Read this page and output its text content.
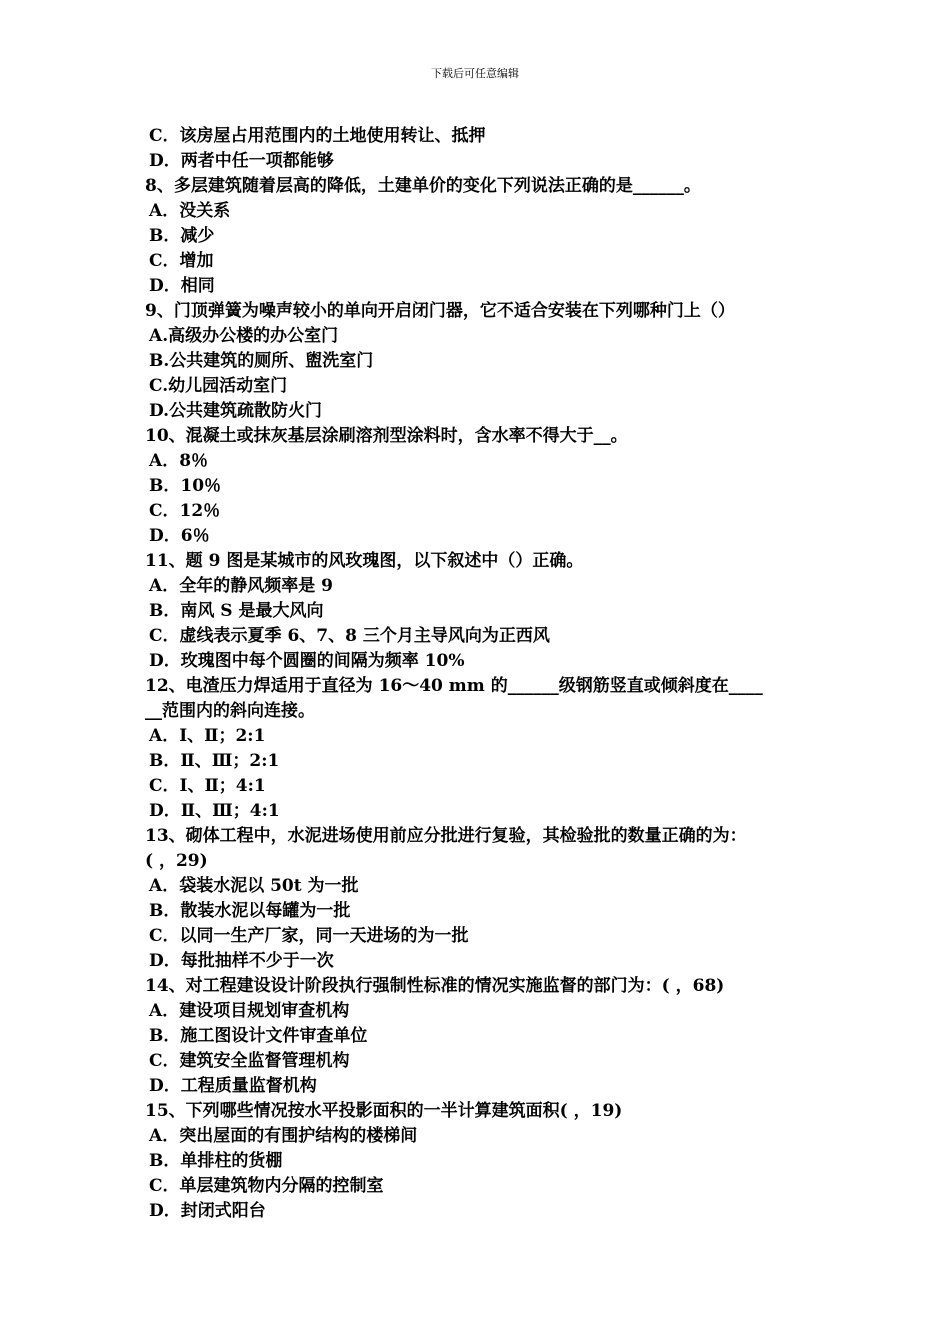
下载后可任意编辑
C．该房屋占用范围内的土地使用转让、抵押
D．两者中任一项都能够
8、多层建筑随着层高的降低，土建单价的变化下列说法正确的是______。
A．没关系
B．减少
C．增加
D．相同
9、门顶弹簧为噪声较小的单向开启闭门器，它不适合安装在下列哪种门上（）
A.高级办公楼的办公室门
B.公共建筑的厕所、盥洗室门
C.幼儿园活动室门
D.公共建筑疏散防火门
10、混凝土或抹灰基层涂刷溶剂型涂料时，含水率不得大于__。
A．8％
B．10％
C．12％
D．6％
11、题 9 图是某城市的风玫瑰图，以下叙述中（）正确。
A．全年的静风频率是 9
B．南风 S 是最大风向
C．虚线表示夏季 6、7、8 三个月主导风向为正西风
D．玫瑰图中每个圆圈的间隔为频率 10%
12、电渣压力焊适用于直径为 16～40 mm 的______级钢筋竖直或倾斜度在____
__范围内的斜向连接。
A．Ⅰ、Ⅱ；2:1
B．Ⅱ、Ⅲ；2:1
C．Ⅰ、Ⅱ；4:1
D．Ⅱ、Ⅲ；4:1
13、砌体工程中，水泥进场使用前应分批进行复验，其检验批的数量正确的为：
( ，29)
A．袋装水泥以 50t 为一批
B．散装水泥以每罐为一批
C．以同一生产厂家，同一天进场的为一批
D．每批抽样不少于一次
14、对工程建设设计阶段执行强制性标准的情况实施监督的部门为：( ，68)
A．建设项目规划审查机构
B．施工图设计文件审查单位
C．建筑安全监督管理机构
D．工程质量监督机构
15、下列哪些情况按水平投影面积的一半计算建筑面积( ，19)
A．突出屋面的有围护结构的楼梯间
B．单排柱的货棚
C．单层建筑物内分隔的控制室
D．封闭式阳台
